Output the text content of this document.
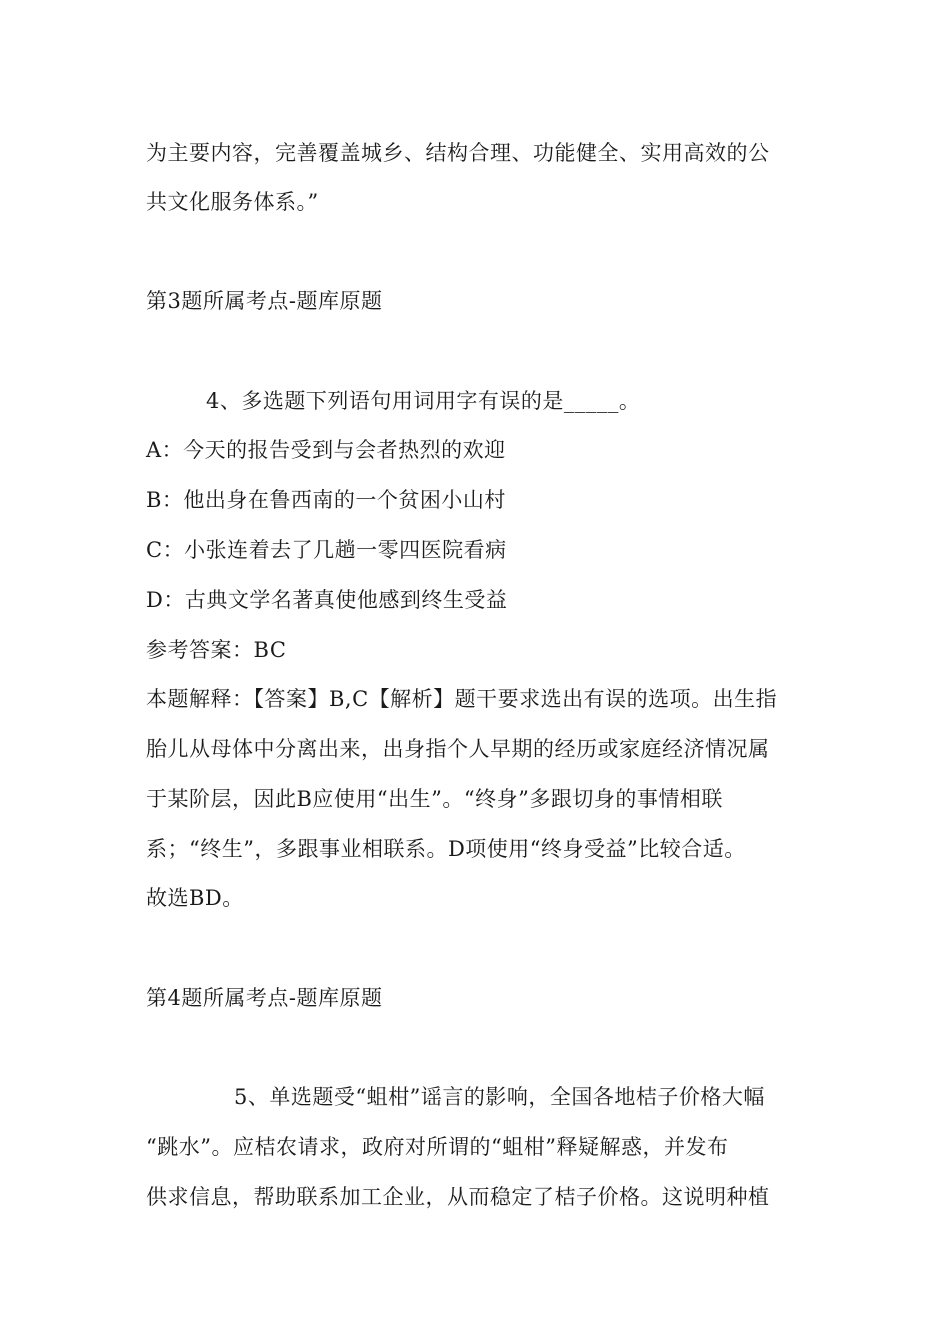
为主要内容，完善覆盖城乡、结构合理、功能健全、实用高效的公

共文化服务体系。”

第3题所属考点-题库原题

4、多选题下列语句用词用字有误的是_____。

A：今天的报告受到与会者热烈的欢迎

B：他出身在鲁西南的一个贫困小山村

C：小张连着去了几趟一零四医院看病

D：古典文学名著真使他感到终生受益

参考答案：BC

本题解释：【答案】B,C【解析】题干要求选出有误的选项。出生指

胎儿从母体中分离出来，出身指个人早期的经历或家庭经济情况属

于某阶层，因此B应使用“出生”。“终身”多跟切身的事情相联

系；“终生”，多跟事业相联系。D项使用“终身受益”比较合适。

故选BD。

第4题所属考点-题库原题

5、单选题受“蛆柑”谣言的影响，全国各地桔子价格大幅

“跳水”。应桔农请求，政府对所谓的“蛆柑”释疑解惑，并发布

供求信息，帮助联系加工企业，从而稳定了桔子价格。这说明种植
